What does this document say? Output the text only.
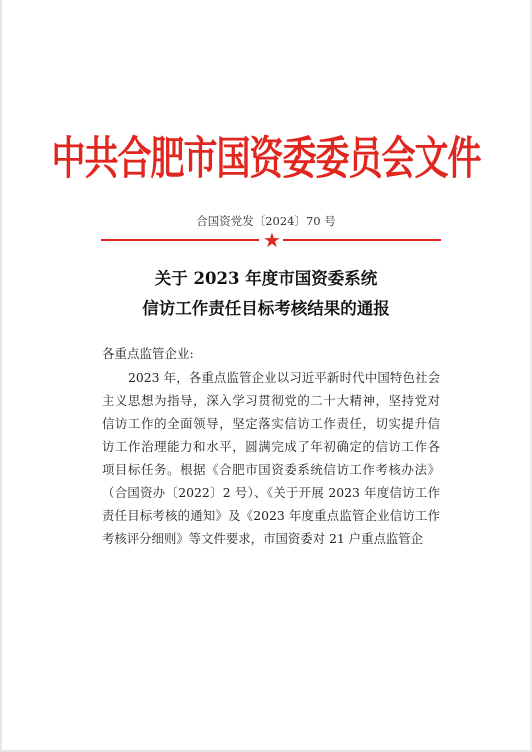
中共合肥市国资委委员会文件
合国资党发〔2024〕70 号
★
关于 2023 年度市国资委系统
信访工作责任目标考核结果的通报
各重点监管企业:
2023 年，各重点监管企业以习近平新时代中国特色社会
主义思想为指导，深入学习贯彻党的二十大精神，坚持党对
信访工作的全面领导，坚定落实信访工作责任，切实提升信
访工作治理能力和水平，圆满完成了年初确定的信访工作各
项目标任务。根据《合肥市国资委系统信访工作考核办法》
（合国资办〔2022〕2 号）、《关于开展 2023 年度信访工作
责任目标考核的通知》及《2023 年度重点监管企业信访工作
考核评分细则》等文件要求，市国资委对 21 户重点监管企
